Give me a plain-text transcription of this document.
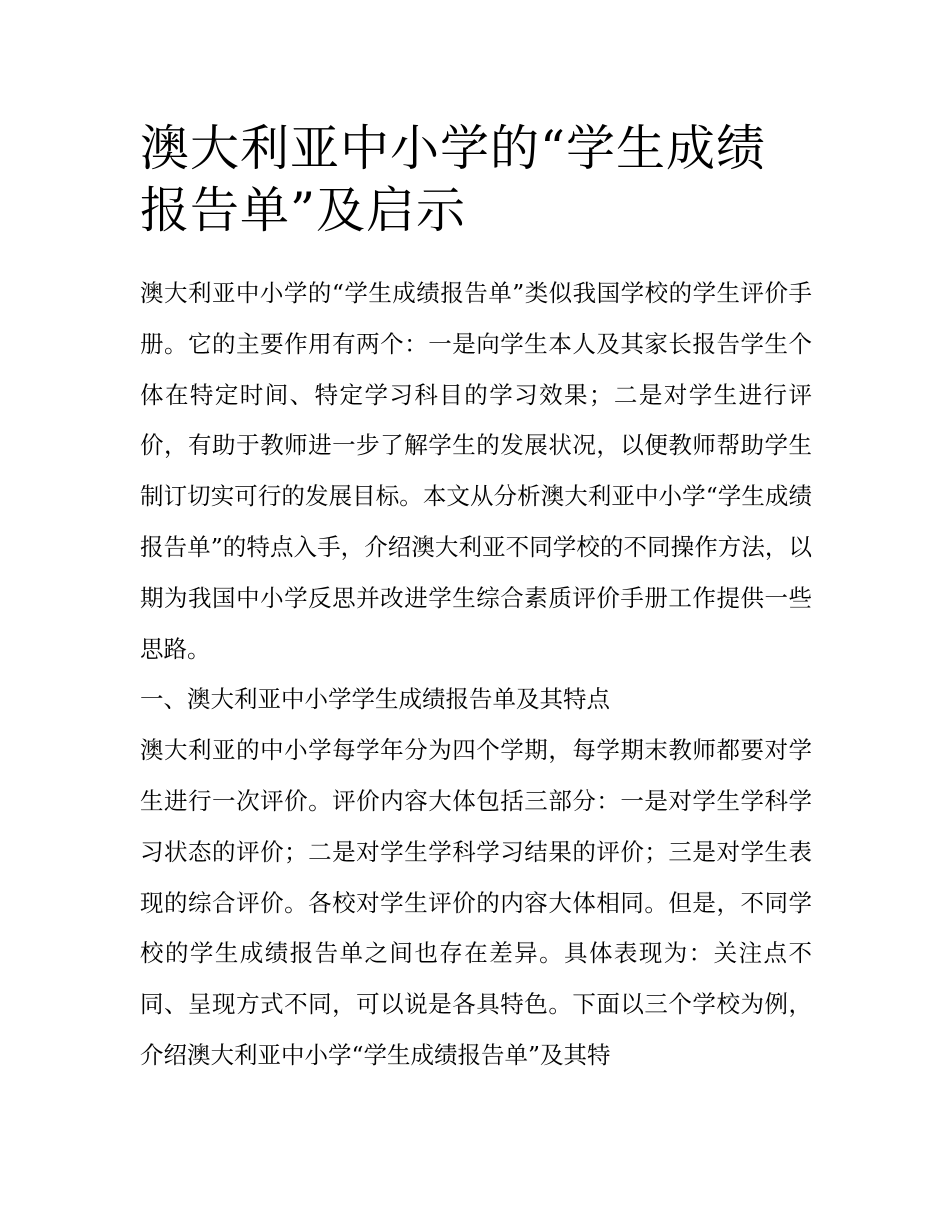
澳大利亚中小学的“学生成绩报告单”及启示

澳大利亚中小学的“学生成绩报告单”类似我国学校的学生评价手册。它的主要作用有两个：一是向学生本人及其家长报告学生个体在特定时间、特定学习科目的学习效果；二是对学生进行评价，有助于教师进一步了解学生的发展状况，以便教师帮助学生制订切实可行的发展目标。本文从分析澳大利亚中小学“学生成绩报告单”的特点入手，介绍澳大利亚不同学校的不同操作方法，以期为我国中小学反思并改进学生综合素质评价手册工作提供一些思路。

一、澳大利亚中小学学生成绩报告单及其特点

澳大利亚的中小学每学年分为四个学期，每学期末教师都要对学生进行一次评价。评价内容大体包括三部分：一是对学生学科学习状态的评价；二是对学生学科学习结果的评价；三是对学生表现的综合评价。各校对学生评价的内容大体相同。但是，不同学校的学生成绩报告单之间也存在差异。具体表现为：关注点不同、呈现方式不同，可以说是各具特色。下面以三个学校为例，介绍澳大利亚中小学“学生成绩报告单”及其特
